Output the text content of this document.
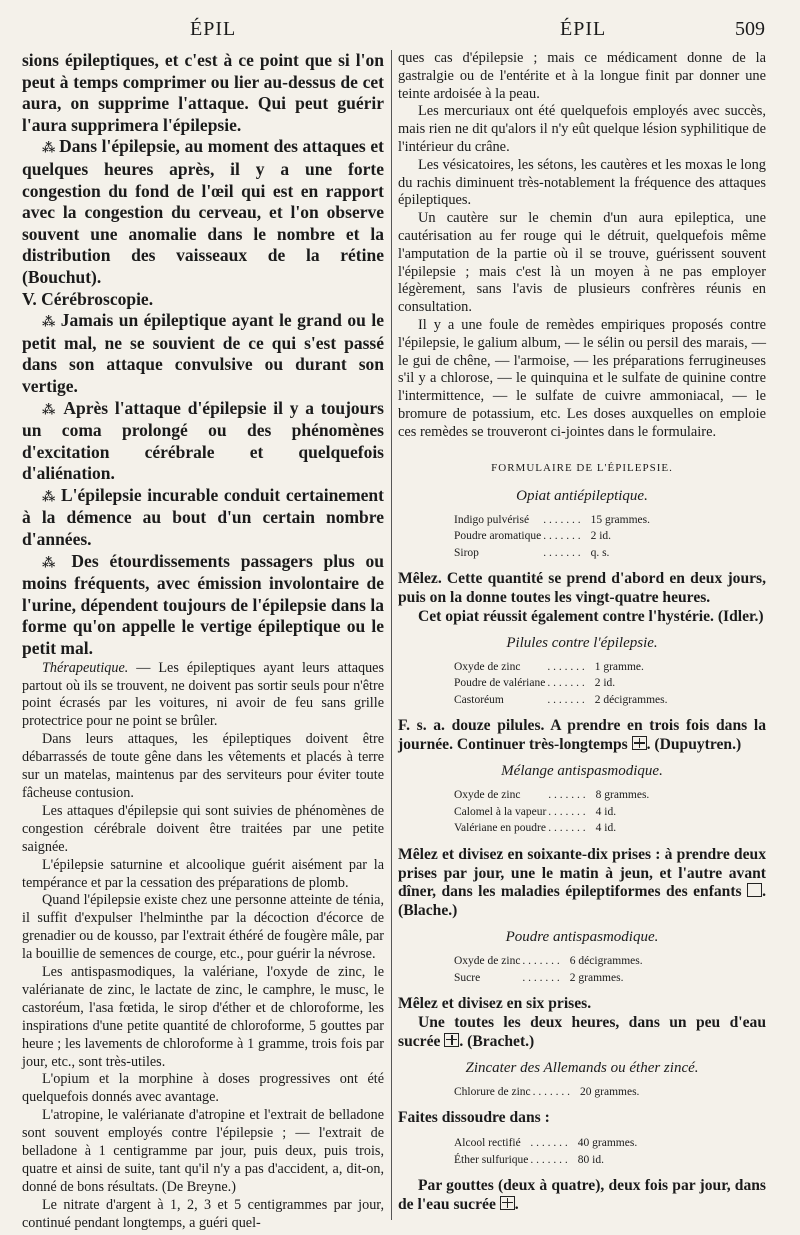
ÉPIL	ÉPIL	509

sions épileptiques, et c'est à ce point que si l'on peut à temps comprimer ou lier au-dessus de cet aura, on supprime l'attaque. Qui peut guérir l'aura supprimera l'épilepsie.

⁂ Dans l'épilepsie, au moment des attaques et quelques heures après, il y a une forte congestion du fond de l'œil qui est en rapport avec la congestion du cerveau, et l'on observe souvent une anomalie dans le nombre et la distribution des vaisseaux de la rétine (Bouchut).

V. Cérébroscopie.

⁂ Jamais un épileptique ayant le grand ou le petit mal, ne se souvient de ce qui s'est passé dans son attaque convulsive ou durant son vertige.

⁂ Après l'attaque d'épilepsie il y a toujours un coma prolongé ou des phénomènes d'excitation cérébrale et quelquefois d'aliénation.

⁂ L'épilepsie incurable conduit certainement à la démence au bout d'un certain nombre d'années.

⁂ Des étourdissements passagers plus ou moins fréquents, avec émission involontaire de l'urine, dépendent toujours de l'épilepsie dans la forme qu'on appelle le vertige épileptique ou le petit mal.

Thérapeutique. — Les épileptiques ayant leurs attaques partout où ils se trouvent, ne doivent pas sortir seuls pour n'être point écrasés par les voitures, ni avoir de feu sans grille protectrice pour ne point se brûler.

Dans leurs attaques, les épileptiques doivent être débarrassés de toute gêne dans les vêtements et placés à terre sur un matelas, maintenus par des serviteurs pour éviter toute fâcheuse contusion.

Les attaques d'épilepsie qui sont suivies de phénomènes de congestion cérébrale doivent être traitées par une petite saignée.

L'épilepsie saturnine et alcoolique guérit aisément par la tempérance et par la cessation des préparations de plomb.

Quand l'épilepsie existe chez une personne atteinte de ténia, il suffit d'expulser l'helminthe par la décoction d'écorce de grenadier ou de kousso, par l'extrait éthéré de fougère mâle, par la bouillie de semences de courge, etc., pour guérir la névrose.

Les antispasmodiques, la valériane, l'oxyde de zinc, le valérianate de zinc, le lactate de zinc, le camphre, le musc, le castoréum, l'asa fœtida, le sirop d'éther et de chloroforme, les inspirations d'une petite quantité de chloroforme, 5 gouttes par heure ; les lavements de chloroforme à 1 gramme, trois fois par jour, etc., sont très-utiles.

L'opium et la morphine à doses progressives ont été quelquefois donnés avec avantage.

L'atropine, le valérianate d'atropine et l'extrait de belladone sont souvent employés contre l'épilepsie ; — l'extrait de belladone à 1 centigramme par jour, puis deux, puis trois, quatre et ainsi de suite, tant qu'il n'y a pas d'accident, a, dit-on, donné de bons résultats. (De Breyne.)

Le nitrate d'argent à 1, 2, 3 et 5 centigrammes par jour, continué pendant longtemps, a guéri quel-

ques cas d'épilepsie ; mais ce médicament donne de la gastralgie ou de l'entérite et à la longue finit par donner une teinte ardoisée à la peau.

Les mercuriaux ont été quelquefois employés avec succès, mais rien ne dit qu'alors il n'y eût quelque lésion syphilitique de l'intérieur du crâne.

Les vésicatoires, les sétons, les cautères et les moxas le long du rachis diminuent très-notablement la fréquence des attaques épileptiques.

Un cautère sur le chemin d'un aura epileptica, une cautérisation au fer rouge qui le détruit, quelquefois même l'amputation de la partie où il se trouve, guérissent souvent l'épilepsie ; mais c'est là un moyen à ne pas employer légèrement, sans l'avis de plusieurs confrères réunis en consultation.

Il y a une foule de remèdes empiriques proposés contre l'épilepsie, le galium album, — le sélin ou persil des marais, — le gui de chêne, — l'armoise, — les préparations ferrugineuses s'il y a chlorose, — le quinquina et le sulfate de quinine contre l'intermittence, — le sulfate de cuivre ammoniacal, — le bromure de potassium, etc. Les doses auxquelles on emploie ces remèdes se trouveront ci-jointes dans le formulaire.

FORMULAIRE DE L'ÉPILEPSIE.
Opiat antiépileptique.
Indigo pulvérisé	. . . . . . .	15 grammes.
Poudre aromatique	. . . . . . .	2 id.
Sirop	. . . . . . .	q. s.

Mêlez. Cette quantité se prend d'abord en deux jours, puis on la donne toutes les vingt-quatre heures.

Cet opiat réussit également contre l'hystérie. (Idler.)

Pilules contre l'épilepsie.
Oxyde de zinc	. . . . . . .	1 gramme.
Poudre de valériane	. . . . . . .	2 id.
Castoréum	. . . . . . .	2 décigrammes.

F. s. a. douze pilules. A prendre en trois fois dans la journée. Continuer très-longtemps . (Dupuytren.)

Mélange antispasmodique.
Oxyde de zinc	. . . . . . .	8 grammes.
Calomel à la vapeur	. . . . . . .	4 id.
Valériane en poudre	. . . . . . .	4 id.

Mêlez et divisez en soixante-dix prises : à prendre deux prises par jour, une le matin à jeun, et l'autre avant dîner, dans les maladies épileptiformes des enfants . (Blache.)

Poudre antispasmodique.
Oxyde de zinc	. . . . . . .	6 décigrammes.
Sucre	. . . . . . .	2 grammes.

Mêlez et divisez en six prises.

Une toutes les deux heures, dans un peu d'eau sucrée . (Brachet.)

Zincater des Allemands ou éther zincé.
Chlorure de zinc	. . . . . . .	20 grammes.

Faites dissoudre dans :

Alcool rectifié	. . . . . . .	40 grammes.
Éther sulfurique	. . . . . . .	80 id.

Par gouttes (deux à quatre), deux fois par jour, dans de l'eau sucrée .
